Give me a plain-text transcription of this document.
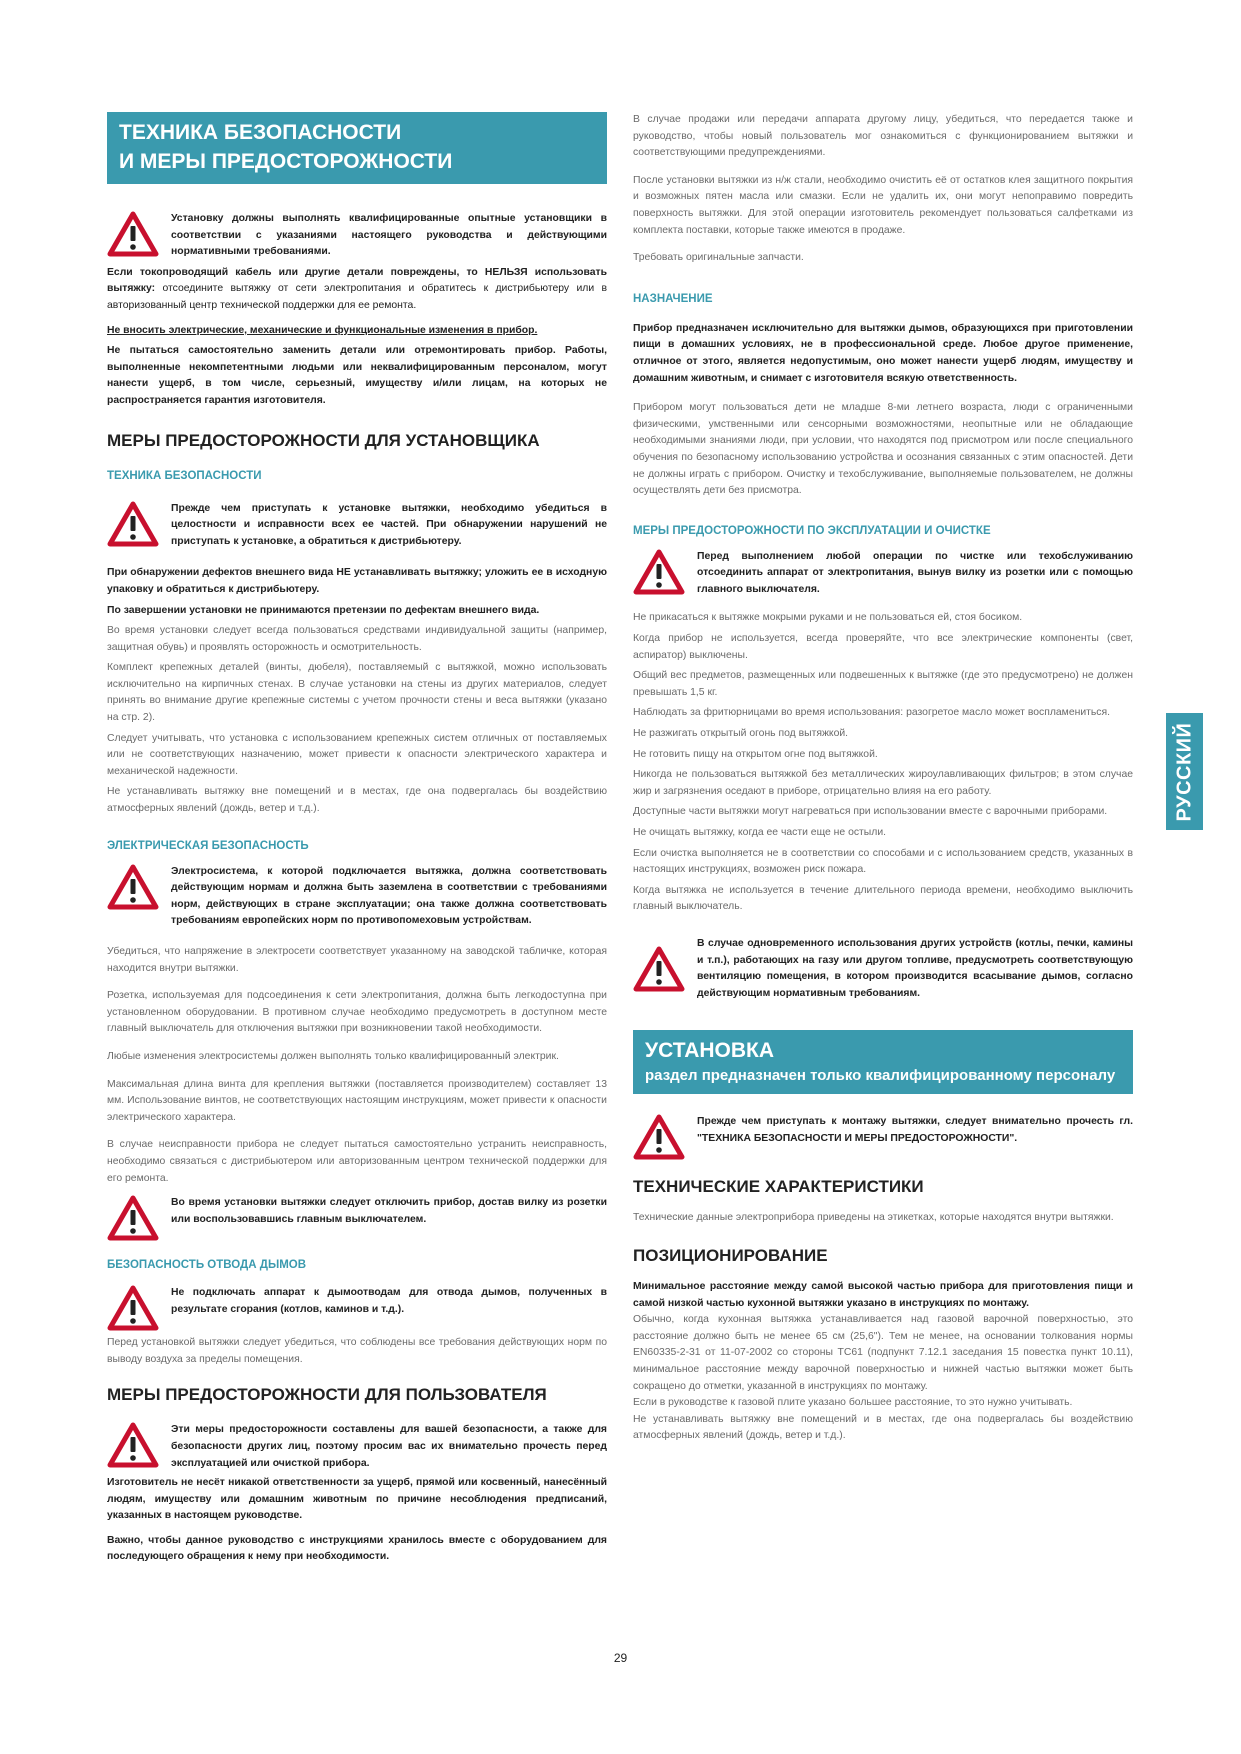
ТЕХНИКА БЕЗОПАСНОСТИ
И МЕРЫ ПРЕДОСТОРОЖНОСТИ

Установку должны выполнять квалифицированные опытные установщики в соответствии с указаниями настоящего руководства и действующими нормативными требованиями.

Если токопроводящий кабель или другие детали повреждены, то НЕЛЬЗЯ использовать вытяжку: отсоедините вытяжку от сети электропитания и обратитесь к дистрибьютеру или в авторизованный центр технической поддержки для ее ремонта.

Не вносить электрические, механические и функциональные изменения в прибор.

Не пытаться самостоятельно заменить детали или отремонтировать прибор. Работы, выполненные некомпетентными людьми или неквалифицированным персоналом, могут нанести ущерб, в том числе, серьезный, имуществу и/или лицам, на которых не распространяется гарантия изготовителя.

МЕРЫ ПРЕДОСТОРОЖНОСТИ ДЛЯ УСТАНОВЩИКА
ТЕХНИКА БЕЗОПАСНОСТИ

Прежде чем приступать к установке вытяжки, необходимо убедиться в целостности и исправности всех ее частей. При обнаружении нарушений не приступать к установке, а обратиться к дистрибьютеру.

При обнаружении дефектов внешнего вида НЕ устанавливать вытяжку; уложить ее в исходную упаковку и обратиться к дистрибьютеру.

По завершении установки не принимаются претензии по дефектам внешнего вида.

Во время установки следует всегда пользоваться средствами индивидуальной защиты (например, защитная обувь) и проявлять осторожность и осмотрительность.

Комплект крепежных деталей (винты, дюбеля), поставляемый с вытяжкой, можно использовать исключительно на кирпичных стенах. В случае установки на стены из других материалов, следует принять во внимание другие крепежные системы с учетом прочности стены и веса вытяжки (указано на стр. 2).

Следует учитывать, что установка с использованием крепежных систем отличных от поставляемых или не соответствующих назначению, может привести к опасности электрического характера и механической надежности.

Не устанавливать вытяжку вне помещений и в местах, где она подвергалась бы воздействию атмосферных явлений (дождь, ветер и т.д.).

ЭЛЕКТРИЧЕСКАЯ БЕЗОПАСНОСТЬ

Электросистема, к которой подключается вытяжка, должна соответствовать действующим нормам и должна быть заземлена в соответствии с требованиями норм, действующих в стране эксплуатации; она также должна соответствовать требованиям европейских норм по противопомеховым устройствам.

Убедиться, что напряжение в электросети соответствует указанному на заводской табличке, которая находится внутри вытяжки.

Розетка, используемая для подсоединения к сети электропитания, должна быть легкодоступна при установленном оборудовании. В противном случае необходимо предусмотреть в доступном месте главный выключатель для отключения вытяжки при возникновении такой необходимости.

Любые изменения электросистемы должен выполнять только квалифицированный электрик.

Максимальная длина винта для крепления вытяжки (поставляется производителем) составляет 13 мм. Использование винтов, не соответствующих настоящим инструкциям, может привести к опасности электрического характера.

В случае неисправности прибора не следует пытаться самостоятельно устранить неисправность, необходимо связаться с дистрибьютером или авторизованным центром технической поддержки для его ремонта.

Во время установки вытяжки следует отключить прибор, достав вилку из розетки или воспользовавшись главным выключателем.

БЕЗОПАСНОСТЬ ОТВОДА ДЫМОВ

Не подключать аппарат к дымоотводам для отвода дымов, полученных в результате сгорания (котлов, каминов и т.д.).

Перед установкой вытяжки следует убедиться, что соблюдены все требования действующих норм по выводу воздуха за пределы помещения.

МЕРЫ ПРЕДОСТОРОЖНОСТИ ДЛЯ ПОЛЬЗОВАТЕЛЯ

Эти меры предосторожности составлены для вашей безопасности, а также для безопасности других лиц, поэтому просим вас их внимательно прочесть перед эксплуатацией или очисткой прибора.

Изготовитель не несёт никакой ответственности за ущерб, прямой или косвенный, нанесённый людям, имуществу или домашним животным по причине несоблюдения предписаний, указанных в настоящем руководстве.

Важно, чтобы данное руководство с инструкциями хранилось вместе с оборудованием для последующего обращения к нему при необходимости.

В случае продажи или передачи аппарата другому лицу, убедиться, что передается также и руководство, чтобы новый пользователь мог ознакомиться с функционированием вытяжки и соответствующими предупреждениями.

После установки вытяжки из н/ж стали, необходимо очистить её от остатков клея защитного покрытия и возможных пятен масла или смазки. Если не удалить их, они могут непоправимо повредить поверхность вытяжки. Для этой операции изготовитель рекомендует пользоваться салфетками из комплекта поставки, которые также имеются в продаже.

Требовать оригинальные запчасти.

НАЗНАЧЕНИЕ

Прибор предназначен исключительно для вытяжки дымов, образующихся при приготовлении пищи в домашних условиях, не в профессиональной среде. Любое другое применение, отличное от этого, является недопустимым, оно может нанести ущерб людям, имуществу и домашним животным, и снимает с изготовителя всякую ответственность.

Прибором могут пользоваться дети не младше 8-ми летнего возраста, люди с ограниченными физическими, умственными или сенсорными возможностями, неопытные или не обладающие необходимыми знаниями люди, при условии, что находятся под присмотром или после специального обучения по безопасному использованию устройства и осознания связанных с этим опасностей. Дети не должны играть с прибором. Очистку и техобслуживание, выполняемые пользователем, не должны осуществлять дети без присмотра.

МЕРЫ ПРЕДОСТОРОЖНОСТИ ПО ЭКСПЛУАТАЦИИ И ОЧИСТКЕ

Перед выполнением любой операции по чистке или техобслуживанию отсоединить аппарат от электропитания, вынув вилку из розетки или с помощью главного выключателя.

Не прикасаться к вытяжке мокрыми руками и не пользоваться ей, стоя босиком.

Когда прибор не используется, всегда проверяйте, что все электрические компоненты (свет, аспиратор) выключены.

Общий вес предметов, размещенных или подвешенных к вытяжке (где это предусмотрено) не должен превышать 1,5 кг.

Наблюдать за фритюрницами во время использования: разогретое масло может воспламениться.

Не разжигать открытый огонь под вытяжкой.

Не готовить пищу на открытом огне под вытяжкой.

Никогда не пользоваться вытяжкой без металлических жироулавливающих фильтров; в этом случае жир и загрязнения оседают в приборе, отрицательно влияя на его работу.

Доступные части вытяжки могут нагреваться при использовании вместе с варочными приборами.

Не очищать вытяжку, когда ее части еще не остыли.

Если очистка выполняется не в соответствии со способами и с использованием средств, указанных в настоящих инструкциях, возможен риск пожара.

Когда вытяжка не используется в течение длительного периода времени, необходимо выключить главный выключатель.

В случае одновременного использования других устройств (котлы, печки, камины и т.п.), работающих на газу или другом топливе, предусмотреть соответствующую вентиляцию помещения, в котором производится всасывание дымов, согласно действующим нормативным требованиям.

УСТАНОВКА
раздел предназначен только квалифицированному персоналу

Прежде чем приступать к монтажу вытяжки, следует внимательно прочесть гл. "ТЕХНИКА БЕЗОПАСНОСТИ И МЕРЫ ПРЕДОСТОРОЖНОСТИ".

ТЕХНИЧЕСКИЕ ХАРАКТЕРИСТИКИ

Технические данные электроприбора приведены на этикетках, которые находятся внутри вытяжки.

ПОЗИЦИОНИРОВАНИЕ

Минимальное расстояние между самой высокой частью прибора для приготовления пищи и самой низкой частью кухонной вытяжки указано в инструкциях по монтажу.

Обычно, когда кухонная вытяжка устанавливается над газовой варочной поверхностью, это расстояние должно быть не менее 65 см (25,6"). Тем не менее, на основании толкования нормы EN60335-2-31 от 11-07-2002 со стороны TC61 (подпункт 7.12.1 заседания 15 повестка пункт 10.11), минимальное расстояние между варочной поверхностью и нижней частью вытяжки может быть сокращено до отметки, указанной в инструкциях по монтажу.

Если в руководстве к газовой плите указано большее расстояние, то это нужно учитывать.

Не устанавливать вытяжку вне помещений и в местах, где она подвергалась бы воздействию атмосферных явлений (дождь, ветер и т.д.).

РУССКИЙ
29
